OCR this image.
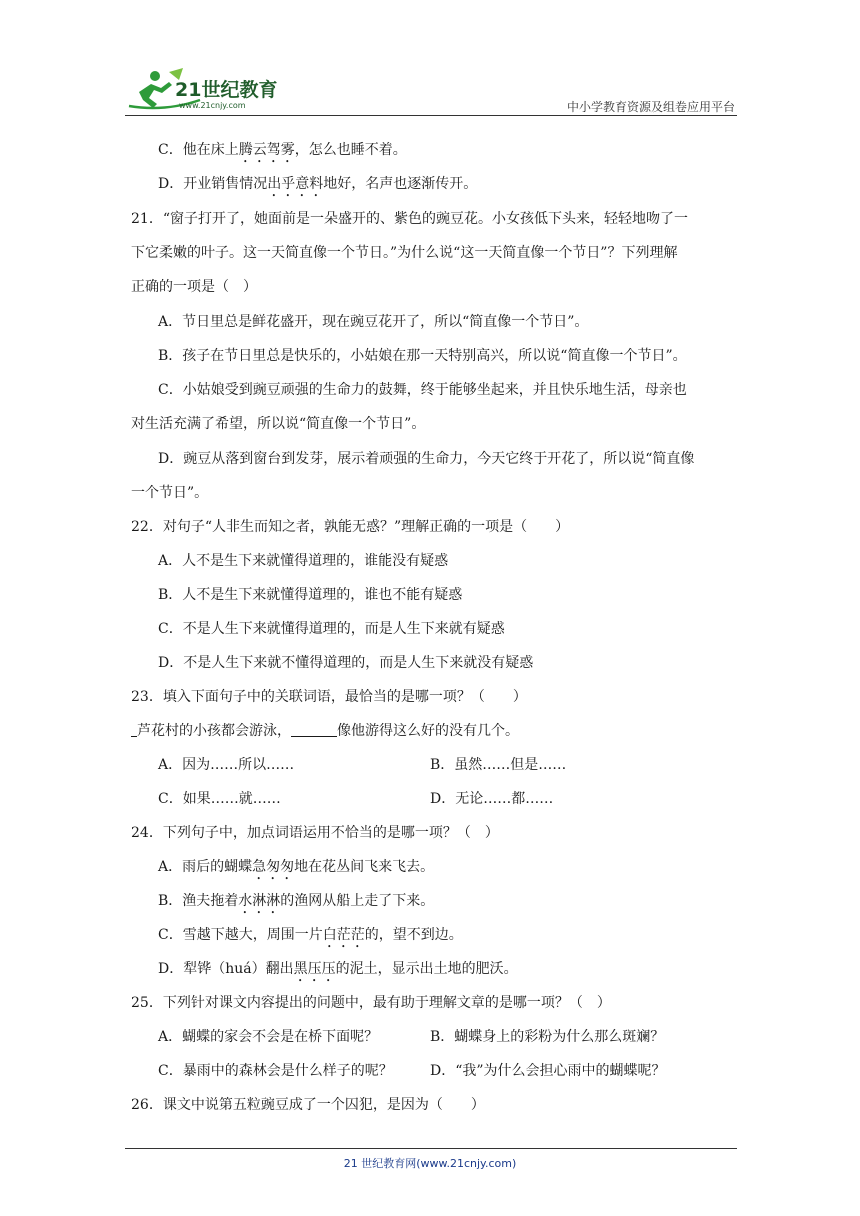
21世纪教育
www.21cnjy.com	中小学教育资源及组卷应用平台
C．他在床上腾云驾雾，怎么也睡不着。
D．开业销售情况出乎意料地好，名声也逐渐传开。
21．“窗子打开了，她面前是一朵盛开的、紫色的豌豆花。小女孩低下头来，轻轻地吻了一
下它柔嫩的叶子。这一天简直像一个节日。”为什么说“这一天简直像一个节日”？下列理解
正确的一项是（　）
A．节日里总是鲜花盛开，现在豌豆花开了，所以“简直像一个节日”。
B．孩子在节日里总是快乐的，小姑娘在那一天特别高兴，所以说“简直像一个节日”。
C．小姑娘受到豌豆顽强的生命力的鼓舞，终于能够坐起来，并且快乐地生活，母亲也
对生活充满了希望，所以说“简直像一个节日”。
D．豌豆从落到窗台到发芽，展示着顽强的生命力，今天它终于开花了，所以说“简直像
一个节日”。
22．对句子“人非生而知之者，孰能无惑？”理解正确的一项是（　　）
A．人不是生下来就懂得道理的，谁能没有疑惑
B．人不是生下来就懂得道理的，谁也不能有疑惑
C．不是人生下来就懂得道理的，而是人生下来就有疑惑
D．不是人生下来就不懂得道理的，而是人生下来就没有疑惑
23．填入下面句子中的关联词语，最恰当的是哪一项？（　　）
芦花村的小孩都会游泳，	像他游得这么好的没有几个。
A．因为……所以……	B．虽然……但是……
C．如果……就……	D．无论……都……
24．下列句子中，加点词语运用不恰当的是哪一项？（　）
A．雨后的蝴蝶急匆匆地在花丛间飞来飞去。
B．渔夫拖着水淋淋的渔网从船上走了下来。
C．雪越下越大，周围一片白茫茫的，望不到边。
D．犁铧（huá）翻出黑压压的泥土，显示出土地的肥沃。
25．下列针对课文内容提出的问题中，最有助于理解文章的是哪一项？（　）
A．蝴蝶的家会不会是在桥下面呢？	B．蝴蝶身上的彩粉为什么那么斑斓？
C．暴雨中的森林会是什么样子的呢？	D．“我”为什么会担心雨中的蝴蝶呢？
26．课文中说第五粒豌豆成了一个囚犯，是因为（　　）
21 世纪教育网(www.21cnjy.com)
